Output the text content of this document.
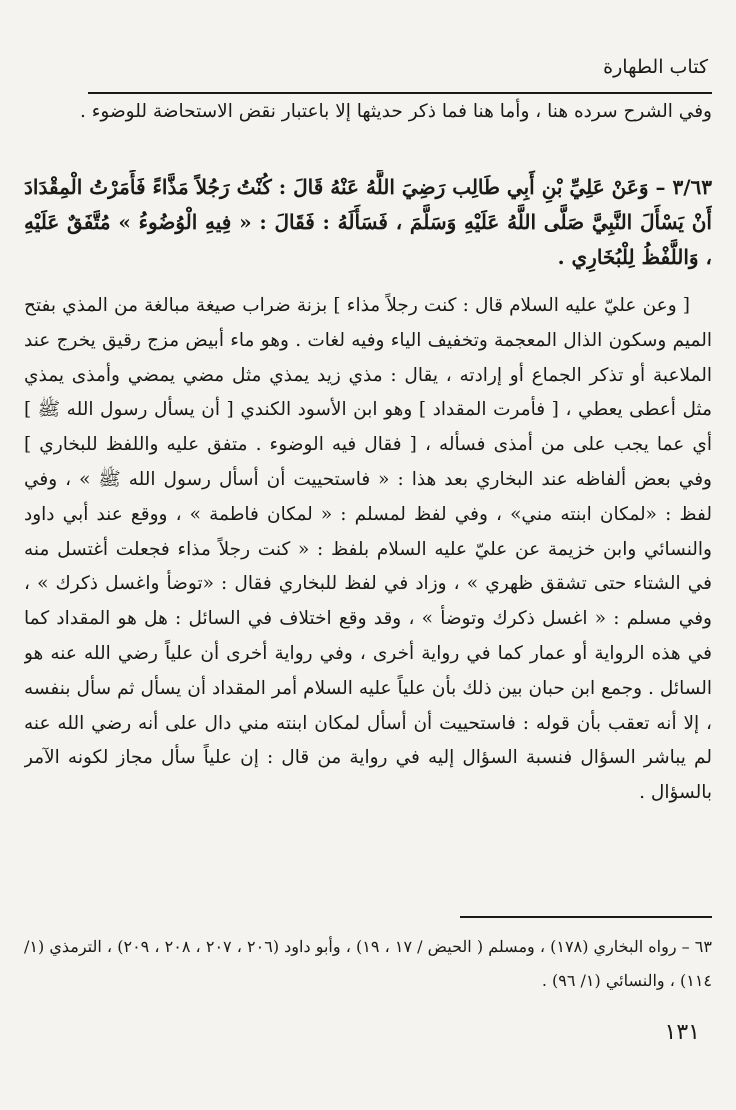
كتاب الطهارة

وفي الشرح سرده هنا ، وأما هنا فما ذكر حديثها إلا باعتبار نقض الاستحاضة للوضوء .

٣/٦٣ – وَعَنْ عَلِيِّ بْنِ أَبِي طَالِب رَضِيَ اللَّهُ عَنْهُ قَالَ : كُنْتُ رَجُلاً مَذَّاءً فَأَمَرْتُ الْمِقْدَادَ أَنْ يَسْأَلَ النَّبِيَّ صَلَّى اللَّهُ عَلَيْهِ وَسَلَّمَ ، فَسَأَلَهُ : فَقَالَ : « فِيهِ الْوُضُوءُ » مُتَّفَقٌ عَلَيْهِ ، وَاللَّفْظُ لِلْبُخَارِي .

[ وعن عليّ عليه السلام قال : كنت رجلاً مذاء ] بزنة ضراب صيغة مبالغة من المذي بفتح الميم وسكون الذال المعجمة وتخفيف الياء وفيه لغات . وهو ماء أبيض مزج رقيق يخرج عند الملاعبة أو تذكر الجماع أو إرادته ، يقال : مذي زيد يمذي مثل مضي يمضي وأمذى يمذي مثل أعطى يعطي ، [ فأمرت المقداد ] وهو ابن الأسود الكندي [ أن يسأل رسول الله ﷺ ] أي عما يجب على من أمذى فسأله ، [ فقال فيه الوضوء . متفق عليه واللفظ للبخاري ] وفي بعض ألفاظه عند البخاري بعد هذا : « فاستحييت أن أسأل رسول الله ﷺ » ، وفي لفظ : «لمكان ابنته مني» ، وفي لفظ لمسلم : « لمكان فاطمة » ، ووقع عند أبي داود والنسائي وابن خزيمة عن عليّ عليه السلام بلفظ : « كنت رجلاً مذاء فجعلت أغتسل منه في الشتاء حتى تشقق ظهري » ، وزاد في لفظ للبخاري فقال : «توضأ واغسل ذكرك » ، وفي مسلم : « اغسل ذكرك وتوضأ » ، وقد وقع اختلاف في السائل : هل هو المقداد كما في هذه الرواية أو عمار كما في رواية أخرى ، وفي رواية أخرى أن علياً رضي الله عنه هو السائل . وجمع ابن حبان بين ذلك بأن علياً عليه السلام أمر المقداد أن يسأل ثم سأل بنفسه ، إلا أنه تعقب بأن قوله : فاستحييت أن أسأل لمكان ابنته مني دال على أنه رضي الله عنه لم يباشر السؤال فنسبة السؤال إليه في رواية من قال : إن علياً سأل مجاز لكونه الآمر بالسؤال .

٦٣ – رواه البخاري (١٧٨) ، ومسلم ( الحيض / ١٧ ، ١٩) ، وأبو داود (٢٠٦ ، ٢٠٧ ، ٢٠٨ ، ٢٠٩) ، الترمذي (١/ ١١٤) ، والنسائي (١/ ٩٦) .

١٣١
